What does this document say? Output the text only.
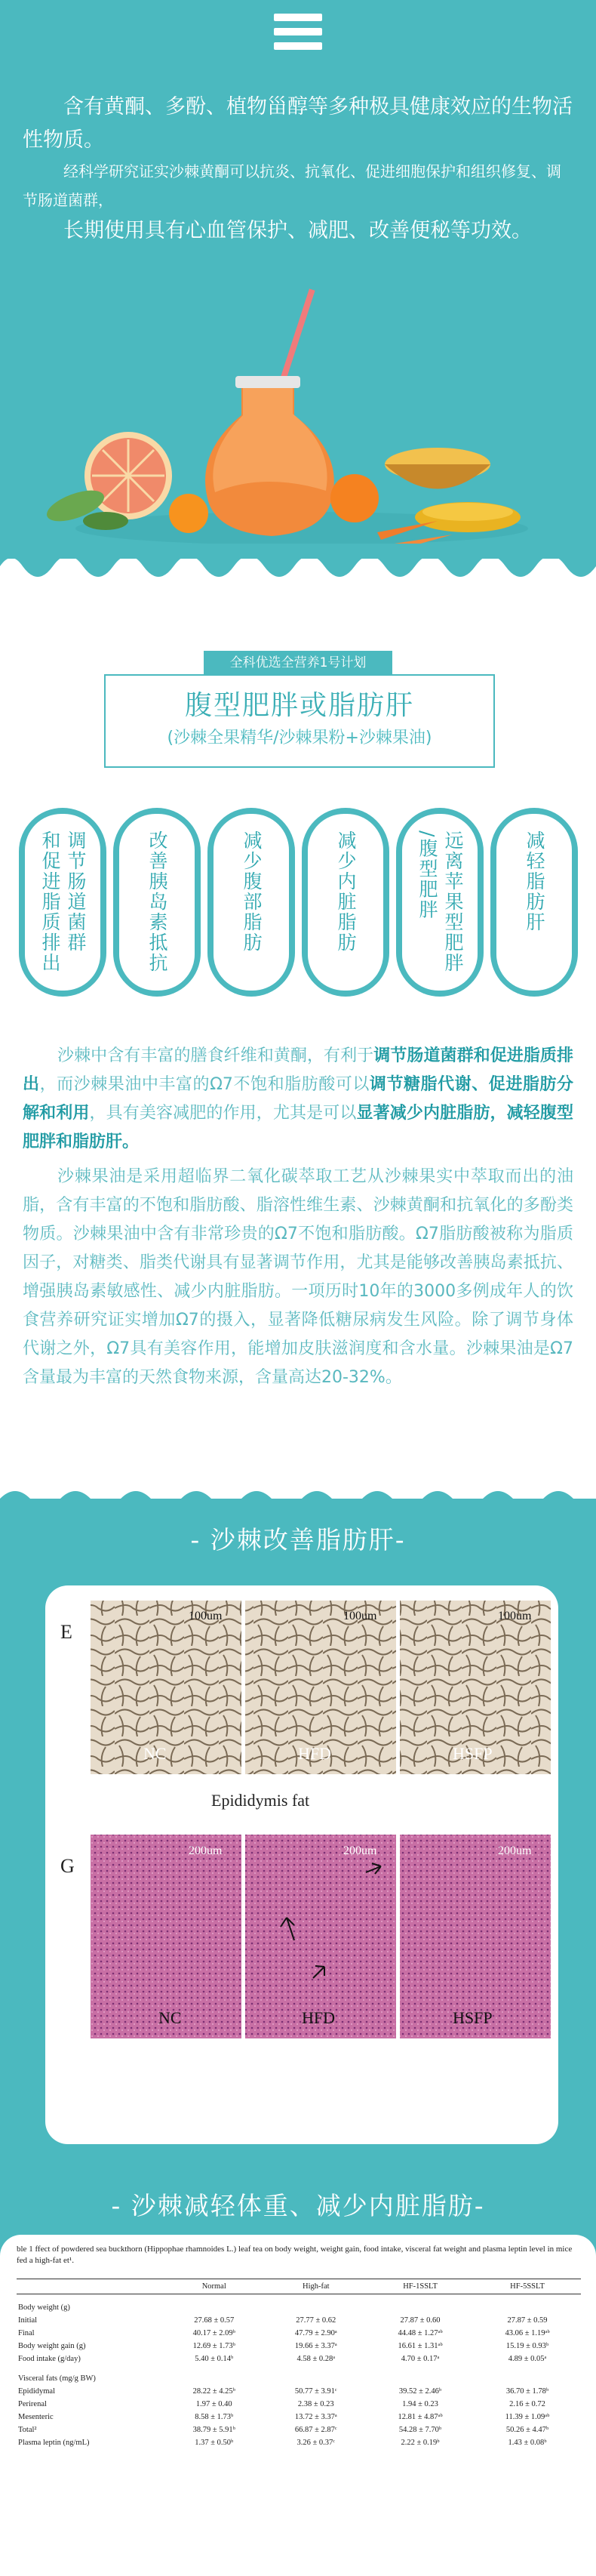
含有黄酮、多酚、植物甾醇等多种极具健康效应的生物活性物质。

经科学研究证实沙棘黄酮可以抗炎、抗氧化、促进细胞保护和组织修复、调节肠道菌群，

长期使用具有心血管保护、减肥、改善便秘等功效。

腹型肥胖或脂肪肝
(沙棘全果精华/沙棘果粉+沙棘果油)
全科优选全营养1号计划
调节肠道菌群
和促进脂质排出	改善胰岛素抵抗	减少腹部脂肪	减少内脏脂肪	远离苹果型肥胖
/腹型肥胖	减轻脂肪肝

沙棘中含有丰富的膳食纤维和黄酮，有利于调节肠道菌群和促进脂质排出，而沙棘果油中丰富的Ω7不饱和脂肪酸可以调节糖脂代谢、促进脂肪分解和利用，具有美容减肥的作用，尤其是可以显著减少内脏脂肪，减轻腹型肥胖和脂肪肝。

沙棘果油是采用超临界二氧化碳萃取工艺从沙棘果实中萃取而出的油脂，含有丰富的不饱和脂肪酸、脂溶性维生素、沙棘黄酮和抗氧化的多酚类物质。沙棘果油中含有非常珍贵的Ω7不饱和脂肪酸。Ω7脂肪酸被称为脂质因子，对糖类、脂类代谢具有显著调节作用，尤其是能够改善胰岛素抵抗、增强胰岛素敏感性、减少内脏脂肪。一项历时10年的3000多例成年人的饮食营养研究证实增加Ω7的摄入，显著降低糖尿病发生风险。除了调节身体代谢之外，Ω7具有美容作用，能增加皮肤滋润度和含水量。沙棘果油是Ω7含量最为丰富的天然食物来源，含量高达20-32%。

- 沙棘改善脂肪肝-
E
100um	100um	100um
NC	HFD	HSFP
Epididymis fat
G
200um	200um	200um
NC	HFD	HSFP
- 沙棘减轻体重、减少内脏脂肪-
ble 1 ffect of powdered sea buckthorn (Hippophae rhamnoides L.) leaf tea on body weight, weight gain, food intake, visceral fat weight and plasma leptin level in mice fed a high-fat et¹.
	Normal	High-fat	HF-1SSLT	HF-5SSLT
Body weight (g)				
Initial	27.68 ± 0.57	27.77 ± 0.62	27.87 ± 0.60	27.87 ± 0.59
Final	40.17 ± 2.09ᵇ	47.79 ± 2.90ᵃ	44.48 ± 1.27ᵃᵇ	43.06 ± 1.19ᵃᵇ
Body weight gain (g)	12.69 ± 1.73ᵇ	19.66 ± 3.37ᵃ	16.61 ± 1.31ᵃᵇ	15.19 ± 0.93ᵇ
Food intake (g/day)	5.40 ± 0.14ᵇ	4.58 ± 0.28ᵃ	4.70 ± 0.17ᵃ	4.89 ± 0.05ᵃ
Visceral fats (mg/g BW)				
Epididymal	28.22 ± 4.25ᵇ	50.77 ± 3.91ᶜ	39.52 ± 2.46ᵇ	36.70 ± 1.78ᵇ
Perirenal	1.97 ± 0.40	2.38 ± 0.23	1.94 ± 0.23	2.16 ± 0.72
Mesenteric	8.58 ± 1.73ᵇ	13.72 ± 3.37ᵃ	12.81 ± 4.87ᵃᵇ	11.39 ± 1.09ᵃᵇ
Total²	38.79 ± 5.91ᵇ	66.87 ± 2.87ᶜ	54.28 ± 7.70ᵇ	50.26 ± 4.47ᵇ
Plasma leptin (ng/mL)	1.37 ± 0.50ᵇ	3.26 ± 0.37ᶜ	2.22 ± 0.19ᵇ	1.43 ± 0.08ᵇ
